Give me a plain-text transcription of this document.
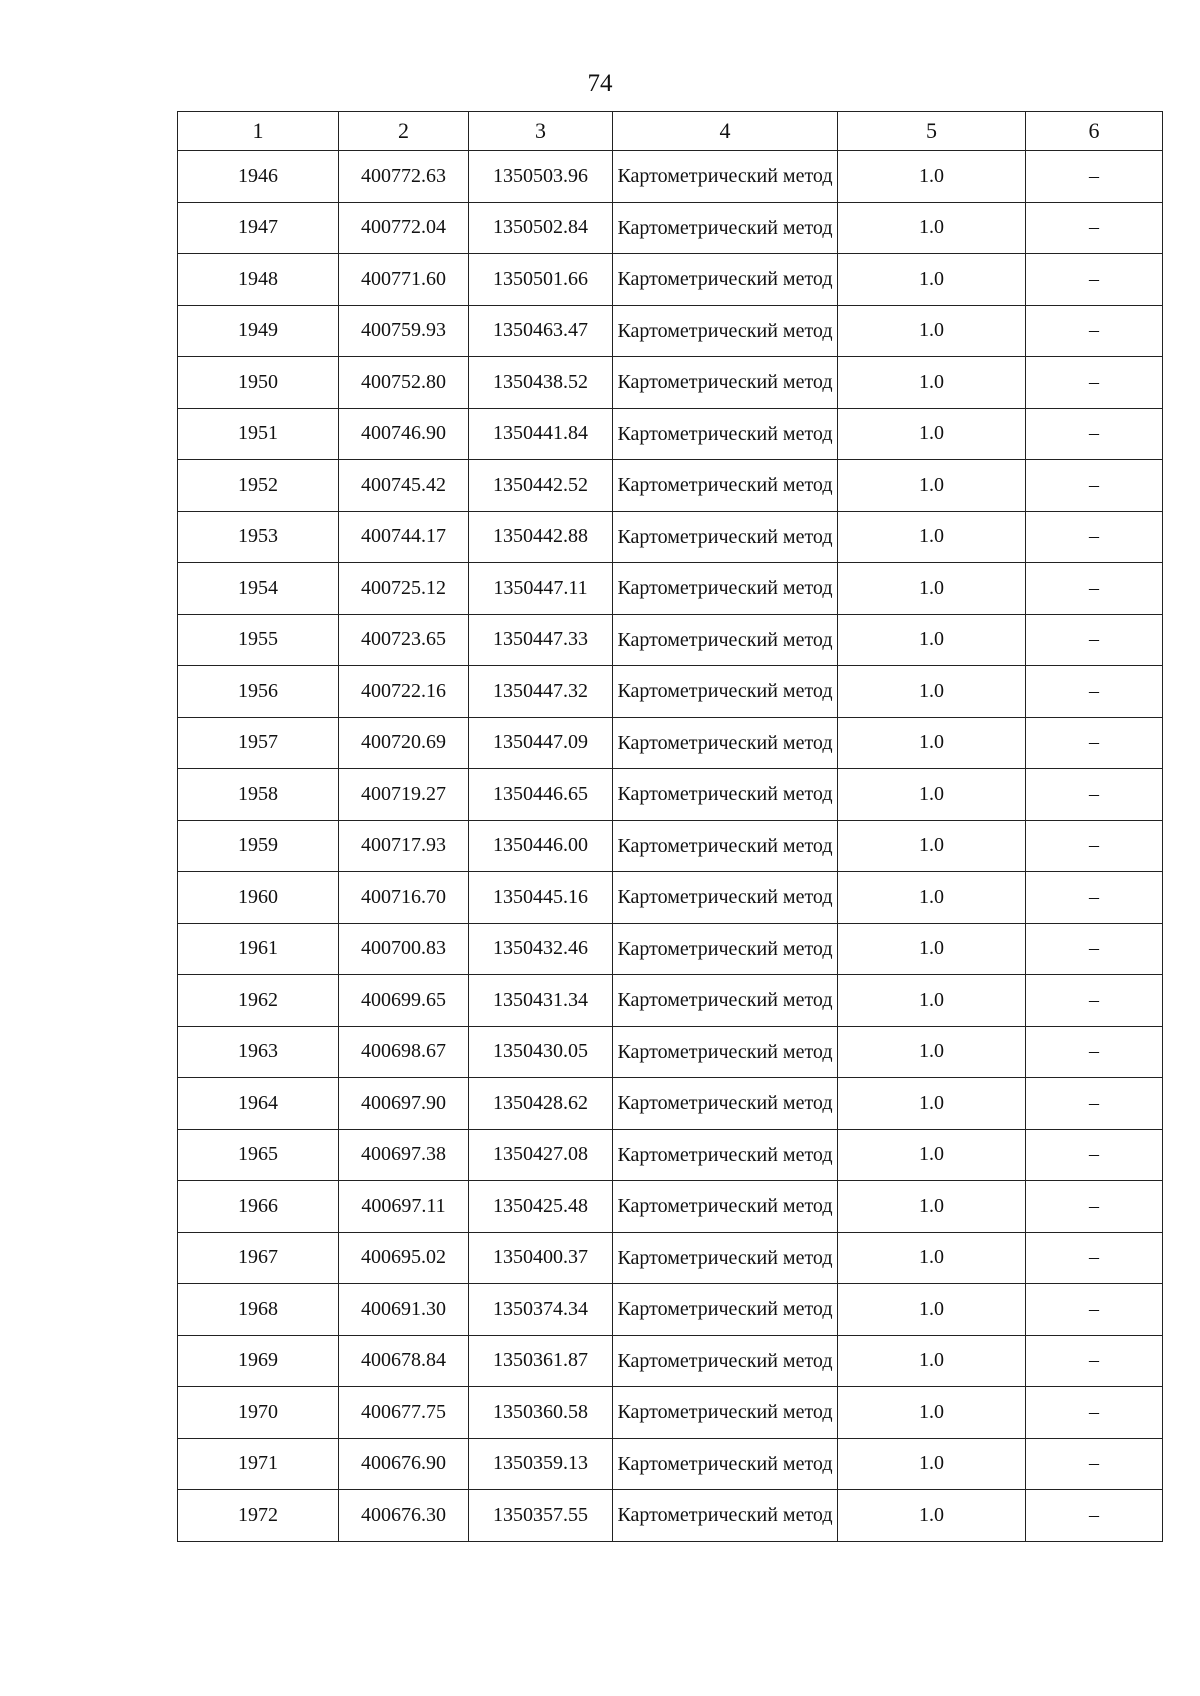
74
1	2	3	4	5	6
1946	400772.63	1350503.96	Картометрический метод	1.0	–
1947	400772.04	1350502.84	Картометрический метод	1.0	–
1948	400771.60	1350501.66	Картометрический метод	1.0	–
1949	400759.93	1350463.47	Картометрический метод	1.0	–
1950	400752.80	1350438.52	Картометрический метод	1.0	–
1951	400746.90	1350441.84	Картометрический метод	1.0	–
1952	400745.42	1350442.52	Картометрический метод	1.0	–
1953	400744.17	1350442.88	Картометрический метод	1.0	–
1954	400725.12	1350447.11	Картометрический метод	1.0	–
1955	400723.65	1350447.33	Картометрический метод	1.0	–
1956	400722.16	1350447.32	Картометрический метод	1.0	–
1957	400720.69	1350447.09	Картометрический метод	1.0	–
1958	400719.27	1350446.65	Картометрический метод	1.0	–
1959	400717.93	1350446.00	Картометрический метод	1.0	–
1960	400716.70	1350445.16	Картометрический метод	1.0	–
1961	400700.83	1350432.46	Картометрический метод	1.0	–
1962	400699.65	1350431.34	Картометрический метод	1.0	–
1963	400698.67	1350430.05	Картометрический метод	1.0	–
1964	400697.90	1350428.62	Картометрический метод	1.0	–
1965	400697.38	1350427.08	Картометрический метод	1.0	–
1966	400697.11	1350425.48	Картометрический метод	1.0	–
1967	400695.02	1350400.37	Картометрический метод	1.0	–
1968	400691.30	1350374.34	Картометрический метод	1.0	–
1969	400678.84	1350361.87	Картометрический метод	1.0	–
1970	400677.75	1350360.58	Картометрический метод	1.0	–
1971	400676.90	1350359.13	Картометрический метод	1.0	–
1972	400676.30	1350357.55	Картометрический метод	1.0	–
